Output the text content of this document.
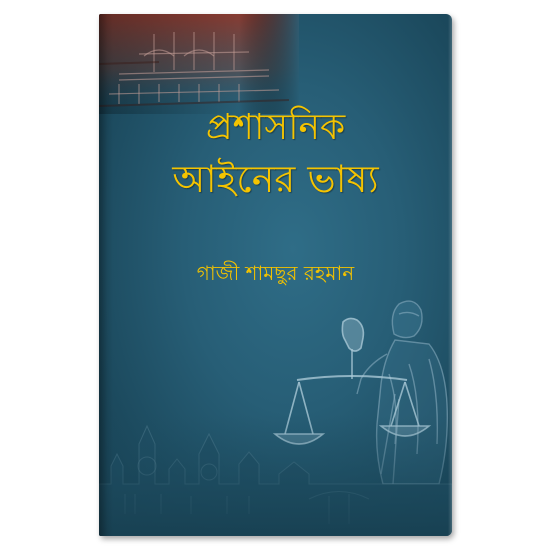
প্রশাসনিক
আইনের ভাষ্য
গাজী শামছুর রহমান
